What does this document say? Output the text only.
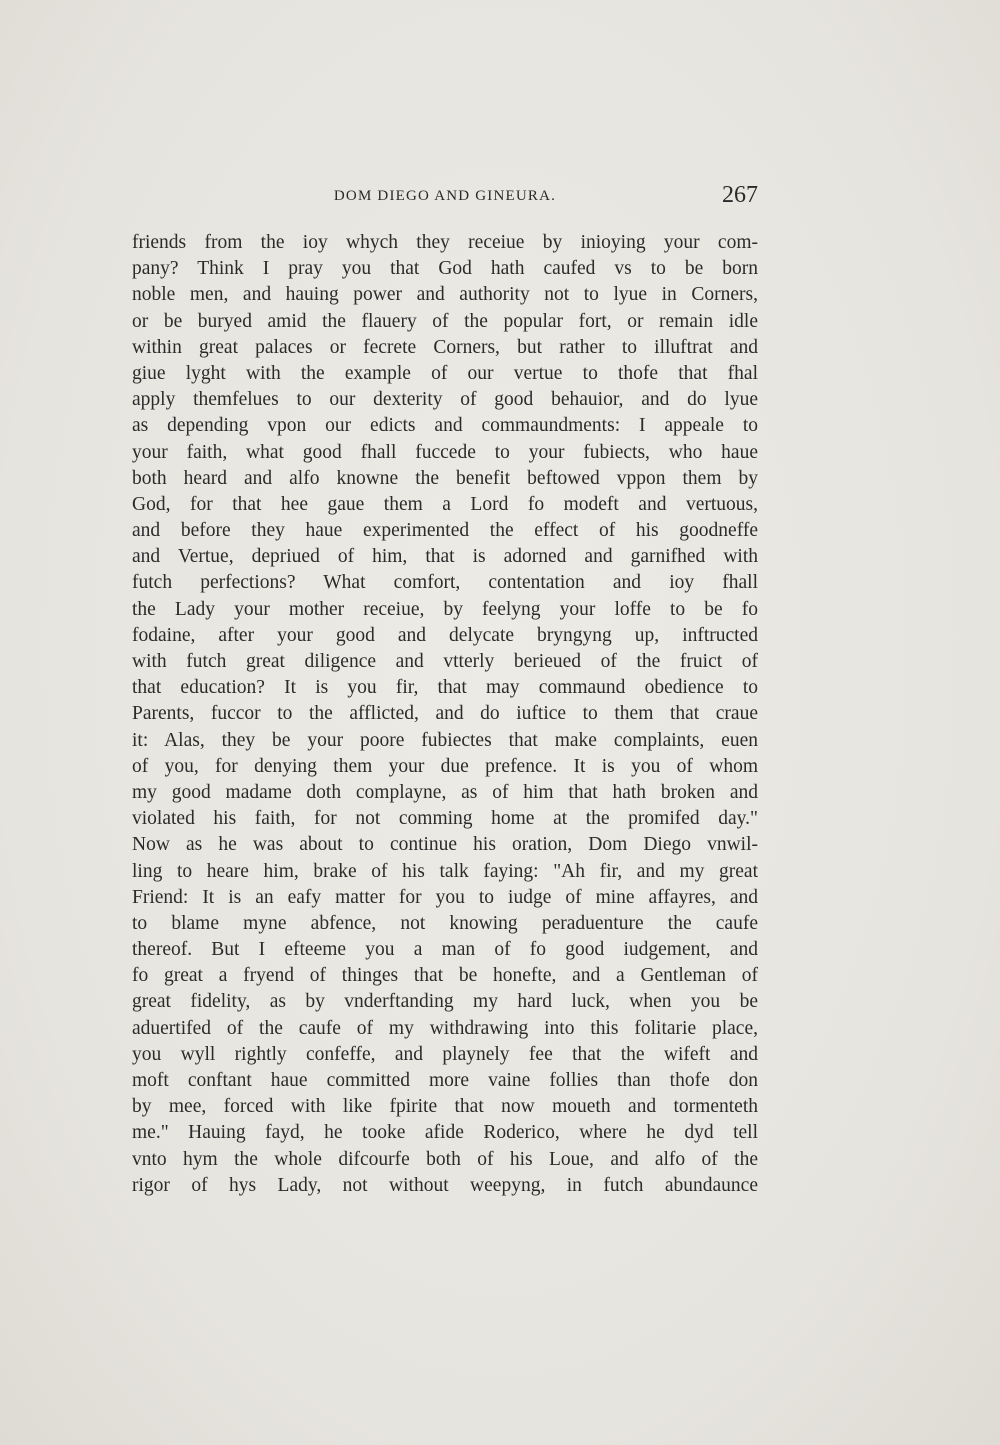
DOM DIEGO AND GINEURA.	267
friends from the ioy whych they receiue by inioying your com-
pany? Think I pray you that God hath caufed vs to be born
noble men, and hauing power and authority not to lyue in Corners,
or be buryed amid the flauery of the popular fort, or remain idle
within great palaces or fecrete Corners, but rather to illuftrat and
giue lyght with the example of our vertue to thofe that fhal
apply themfelues to our dexterity of good behauior, and do lyue
as depending vpon our edicts and commaundments: I appeale to
your faith, what good fhall fuccede to your fubiects, who haue
both heard and alfo knowne the benefit beftowed vppon them by
God, for that hee gaue them a Lord fo modeft and vertuous,
and before they haue experimented the effect of his goodneffe
and Vertue, depriued of him, that is adorned and garnifhed with
futch perfections? What comfort, contentation and ioy fhall
the Lady your mother receiue, by feelyng your loffe to be fo
fodaine, after your good and delycate bryngyng up, inftructed
with futch great diligence and vtterly berieued of the fruict of
that education? It is you fir, that may commaund obedience to
Parents, fuccor to the afflicted, and do iuftice to them that craue
it: Alas, they be your poore fubiectes that make complaints, euen
of you, for denying them your due prefence. It is you of whom
my good madame doth complayne, as of him that hath broken and
violated his faith, for not comming home at the promifed day."
Now as he was about to continue his oration, Dom Diego vnwil-
ling to heare him, brake of his talk faying: "Ah fir, and my great
Friend: It is an eafy matter for you to iudge of mine affayres, and
to blame myne abfence, not knowing peraduenture the caufe
thereof. But I efteeme you a man of fo good iudgement, and
fo great a fryend of thinges that be honefte, and a Gentleman of
great fidelity, as by vnderftanding my hard luck, when you be
aduertifed of the caufe of my withdrawing into this folitarie place,
you wyll rightly confeffe, and playnely fee that the wifeft and
moft conftant haue committed more vaine follies than thofe don
by mee, forced with like fpirite that now moueth and tormenteth
me." Hauing fayd, he tooke afide Roderico, where he dyd tell
vnto hym the whole difcourfe both of his Loue, and alfo of the
rigor of hys Lady, not without weepyng, in futch abundaunce
